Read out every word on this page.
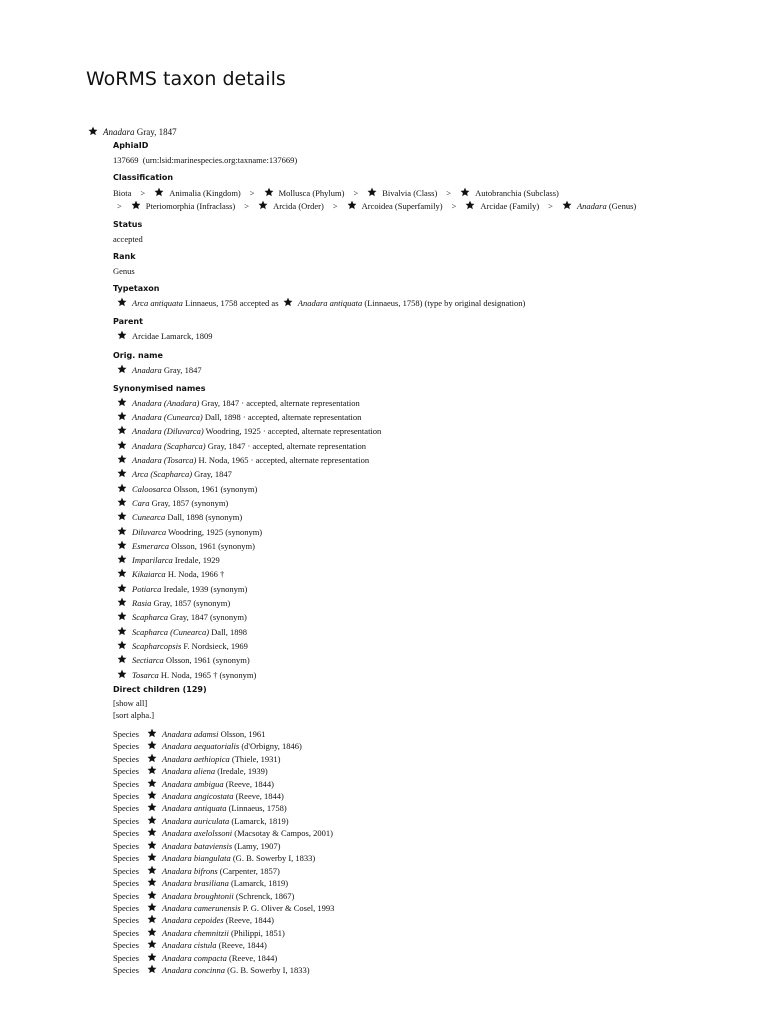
WoRMS taxon details
Anadara Gray, 1847

AphiaID

137669 (urn:lsid:marinespecies.org:taxname:137669)

Classification

Biota >	Animalia (Kingdom) >	Mollusca (Phylum) >	Bivalvia (Class) >	Autobranchia (Subclass)
>	Pteriomorphia (Infraclass) >	Arcida (Order) >	Arcoidea (Superfamily) >	Arcidae (Family) >	Anadara (Genus)

Status

accepted

Rank

Genus

Typetaxon

Arca antiquata Linnaeus, 1758 accepted as Anadara antiquata (Linnaeus, 1758) (type by original designation)

Parent

Arcidae Lamarck, 1809

Orig. name

Anadara Gray, 1847

Synonymised names

Anadara (Anadara) Gray, 1847 · accepted, alternate representation
Anadara (Cunearca) Dall, 1898 · accepted, alternate representation
Anadara (Diluvarca) Woodring, 1925 · accepted, alternate representation
Anadara (Scapharca) Gray, 1847 · accepted, alternate representation
Anadara (Tosarca) H. Noda, 1965 · accepted, alternate representation
Arca (Scapharca) Gray, 1847
Caloosarca Olsson, 1961 (synonym)
Cara Gray, 1857 (synonym)
Cunearca Dall, 1898 (synonym)
Diluvarca Woodring, 1925 (synonym)
Esmerarca Olsson, 1961 (synonym)
Imparilarca Iredale, 1929
Kikaiarca H. Noda, 1966 †
Potiarca Iredale, 1939 (synonym)
Rasia Gray, 1857 (synonym)
Scapharca Gray, 1847 (synonym)
Scapharca (Cunearca) Dall, 1898
Scapharcopsis F. Nordsieck, 1969
Sectiarca Olsson, 1961 (synonym)
Tosarca H. Noda, 1965 † (synonym)

Direct children (129)

[show all]
[sort alpha.]
Species	Anadara adamsi Olsson, 1961
Species	Anadara aequatorialis (d'Orbigny, 1846)
Species	Anadara aethiopica (Thiele, 1931)
Species	Anadara aliena (Iredale, 1939)
Species	Anadara ambigua (Reeve, 1844)
Species	Anadara angicostata (Reeve, 1844)
Species	Anadara antiquata (Linnaeus, 1758)
Species	Anadara auriculata (Lamarck, 1819)
Species	Anadara axelolssoni (Macsotay & Campos, 2001)
Species	Anadara bataviensis (Lamy, 1907)
Species	Anadara biangulata (G. B. Sowerby I, 1833)
Species	Anadara bifrons (Carpenter, 1857)
Species	Anadara brasiliana (Lamarck, 1819)
Species	Anadara broughtonii (Schrenck, 1867)
Species	Anadara camerunensis P. G. Oliver & Cosel, 1993
Species	Anadara cepoides (Reeve, 1844)
Species	Anadara chemnitzii (Philippi, 1851)
Species	Anadara cistula (Reeve, 1844)
Species	Anadara compacta (Reeve, 1844)
Species	Anadara concinna (G. B. Sowerby I, 1833)
